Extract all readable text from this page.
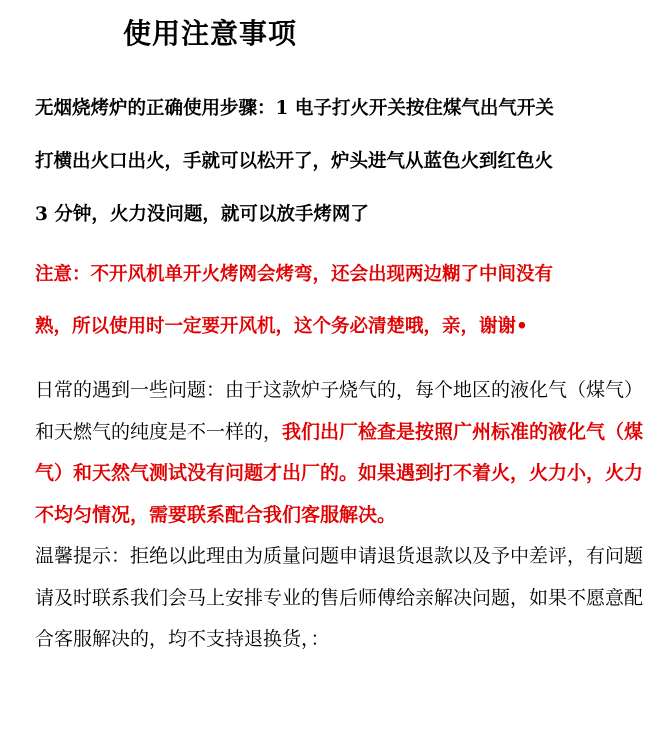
使用注意事项
无烟烧烤炉的正确使用步骤：1 电子打火开关按住煤气出气开关
打横出火口出火，手就可以松开了，炉头进气从蓝色火到红色火
3 分钟，火力没问题，就可以放手烤网了
注意：不开风机单开火烤网会烤弯，还会出现两边糊了中间没有
熟，所以使用时一定要开风机，这个务必清楚哦，亲，谢谢•
日常的遇到一些问题：由于这款炉子烧气的，每个地区的液化气（煤气）和天燃气的纯度是不一样的，我们出厂检查是按照广州标准的液化气（煤气）和天然气测试没有问题才出厂的。如果遇到打不着火，火力小，火力不均匀情况，需要联系配合我们客服解决。
温馨提示：拒绝以此理由为质量问题申请退货退款以及予中差评，有问题请及时联系我们会马上安排专业的售后师傅给亲解决问题，如果不愿意配合客服解决的，均不支持退换货，：
